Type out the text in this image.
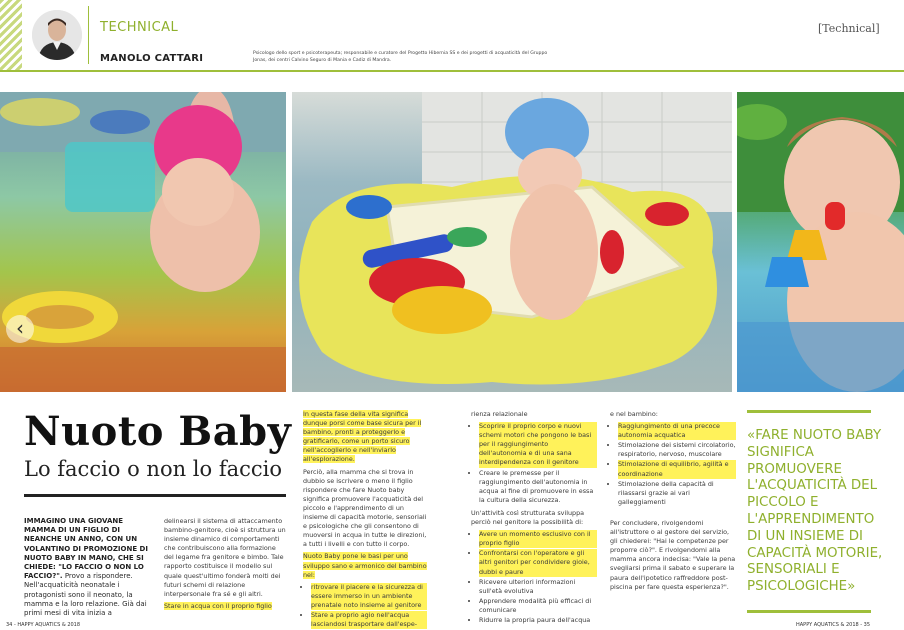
TECHNICAL
MANOLO CATTARI	Psicologo dello sport e psicoterapeuta; responsabile e curatore del Progetto Hibernia SS e dei progetti di acquaticità del Gruppo Jonas, dei centri Calvino Seguro di Mania e Cadiz di Mandra.
[Technical]
‹
Nuoto Baby
Lo faccio o non lo faccio
IMMAGINO UNA GIOVANE MAMMA DI UN FIGLIO DI NEANCHE UN ANNO, CON UN VOLANTINO DI PROMOZIONE DI NUOTO BABY IN MANO, CHE SI CHIEDE: "LO FACCIO O NON LO FACCIO?". Provo a rispondere. Nell'acquaticità neonatale i protagonisti sono il neonato, la mamma e la loro relazione. Già dai primi mesi di vita inizia a

delinearsi il sistema di attaccamento bambino-genitore, cioè si struttura un insieme dinamico di comportamenti che contribuiscono alla formazione del legame fra genitore e bimbo. Tale rapporto costituisce il modello sul quale quest'ultimo fonderà molti dei futuri schemi di relazione interpersonale fra sé e gli altri.

Stare in acqua con il proprio figlio

In questa fase della vita significa dunque porsi come base sicura per il bambino, pronti a proteggerlo e gratificarlo, come un porto sicuro nell'accoglierlo e nell'inviarlo all'esplorazione.

Perciò, alla mamma che si trova in dubbio se iscrivere o meno il figlio rispondere che fare Nuoto baby significa promuovere l'acquaticità del piccolo e l'apprendimento di un insieme di capacità motorie, sensoriali e psicologiche che gli consentono di muoversi in acqua in tutte le direzioni, a tutti i livelli e con tutto il corpo.

Nuoto Baby pone le basi per uno sviluppo sano e armonico del bambino nel:

• ritrovare il piacere e la sicurezza di essere immerso in un ambiente prenatale noto insieme al genitore
• Stare a proprio agio nell'acqua lasciandosi trasportare dall'espe-

rienza relazionale

• Scoprire il proprio corpo e nuovi schemi motori che pongono le basi per il raggiungimento dell'autonomia e di una sana interdipendenza con il genitore
• Creare le premesse per il raggiungimento dell'autonomia in acqua al fine di promuovere in essa la cultura della sicurezza.

Un'attività così strutturata sviluppa perciò nel genitore la possibilità di:

• Avere un momento esclusivo con il proprio figlio
• Confrontarsi con l'operatore e gli altri genitori per condividere gioie, dubbi e paure
• Ricevere ulteriori informazioni sull'età evolutiva
• Apprendere modalità più efficaci di comunicare
• Ridurre la propria paura dell'acqua

e nel bambino:

• Raggiungimento di una precoce autonomia acquatica
• Stimolazione dei sistemi circolatorio, respiratorio, nervoso, muscolare
• Stimolazione di equilibrio, agilità e coordinazione
• Stimolazione della capacità di rilassarsi grazie ai vari galleggiamenti

Per concludere, rivolgendomi all'istruttore o al gestore del servizio, gli chiederei: "Hai le competenze per proporre ciò?". E rivolgendomi alla mamma ancora indecisa: "Vale la pena svegliarsi prima il sabato e superare la paura dell'ipotetico raffreddore post-piscina per fare questa esperienza?".

«FARE NUOTO BABY SIGNIFICA PROMUOVERE L'ACQUATICITÀ DEL PICCOLO E L'APPRENDIMENTO DI UN INSIEME DI CAPACITÀ MOTORIE, SENSORIALI E PSICOLOGICHE»
34 - HAPPY AQUATICS & 2018	HAPPY AQUATICS & 2018 - 35
